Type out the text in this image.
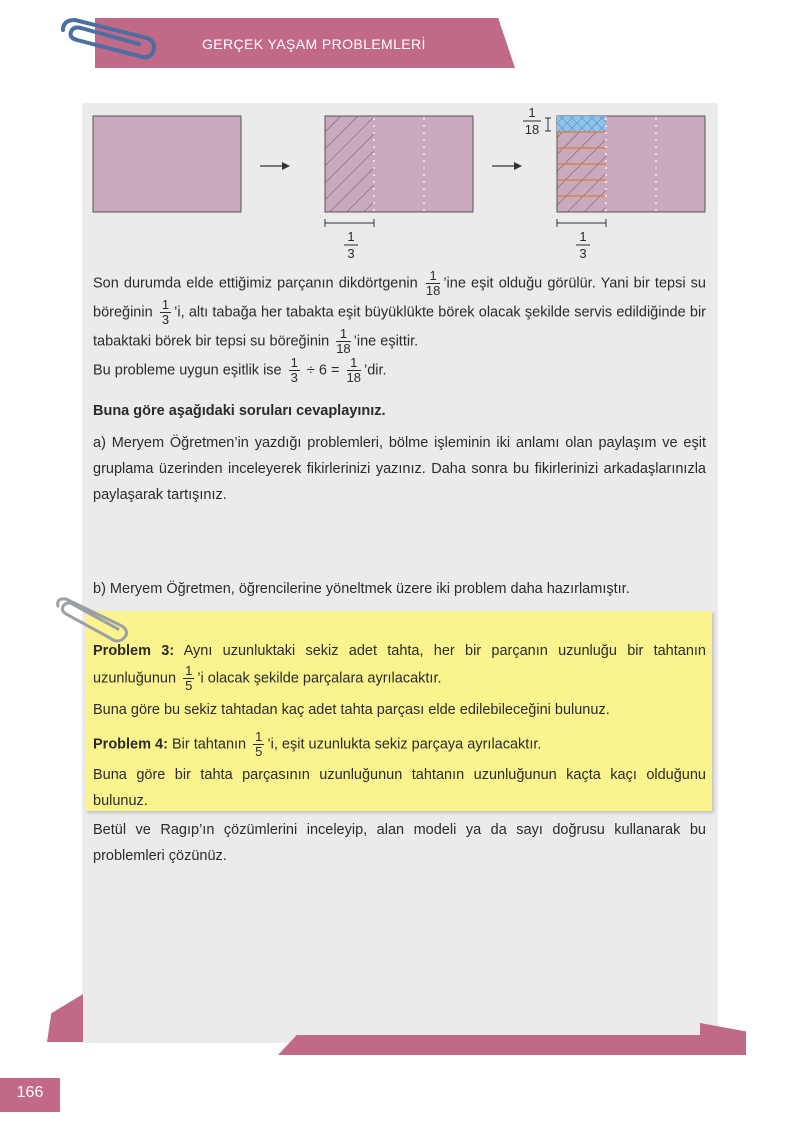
GERÇEK YAŞAM PROBLEMLERİ
166
1
3
1
3
1
18
Son durumda elde ettiğimiz parçanın dikdörtgenin $\frac{1}{18}$ ’ine eşit olduğu görülür. Yani bir tepsi su böreğinin $\frac{1}{3}$ ’i, altı tabağa her tabakta eşit büyüklükte börek olacak şekilde servis edildiğinde bir tabaktaki börek bir tepsi su böreğinin $\frac{1}{18}$ ’ine eşittir.
Bu probleme uygun eşitlik ise $\frac{1}{3} \div 6 = \frac{1}{18}$ ’dir.
Buna göre aşağıdaki soruları cevaplayınız.
a) Meryem Öğretmen’in yazdığı problemleri, bölme işleminin iki anlamı olan paylaşım ve eşit gruplama üzerinden inceleyerek fikirlerinizi yazınız. Daha sonra bu fikirlerinizi arkadaşlarınızla paylaşarak tartışınız.
b) Meryem Öğretmen, öğrencilerine yöneltmek üzere iki problem daha hazırlamıştır.
Problem 3: Aynı uzunluktaki sekiz adet tahta, her bir parçanın uzunluğu bir tahtanın uzunluğunun $\frac{1}{5}$ ’i olacak şekilde parçalara ayrılacaktır.
Buna göre bu sekiz tahtadan kaç adet tahta parçası elde edilebileceğini bulunuz.
Problem 4: Bir tahtanın $\frac{1}{5}$ ’i, eşit uzunlukta sekiz parçaya ayrılacaktır.
Buna göre bir tahta parçasının uzunluğunun tahtanın uzunluğunun kaçta kaçı olduğunu bulunuz.
Betül ve Ragıp’ın çözümlerini inceleyip, alan modeli ya da sayı doğrusu kullanarak bu problemleri çözünüz.
